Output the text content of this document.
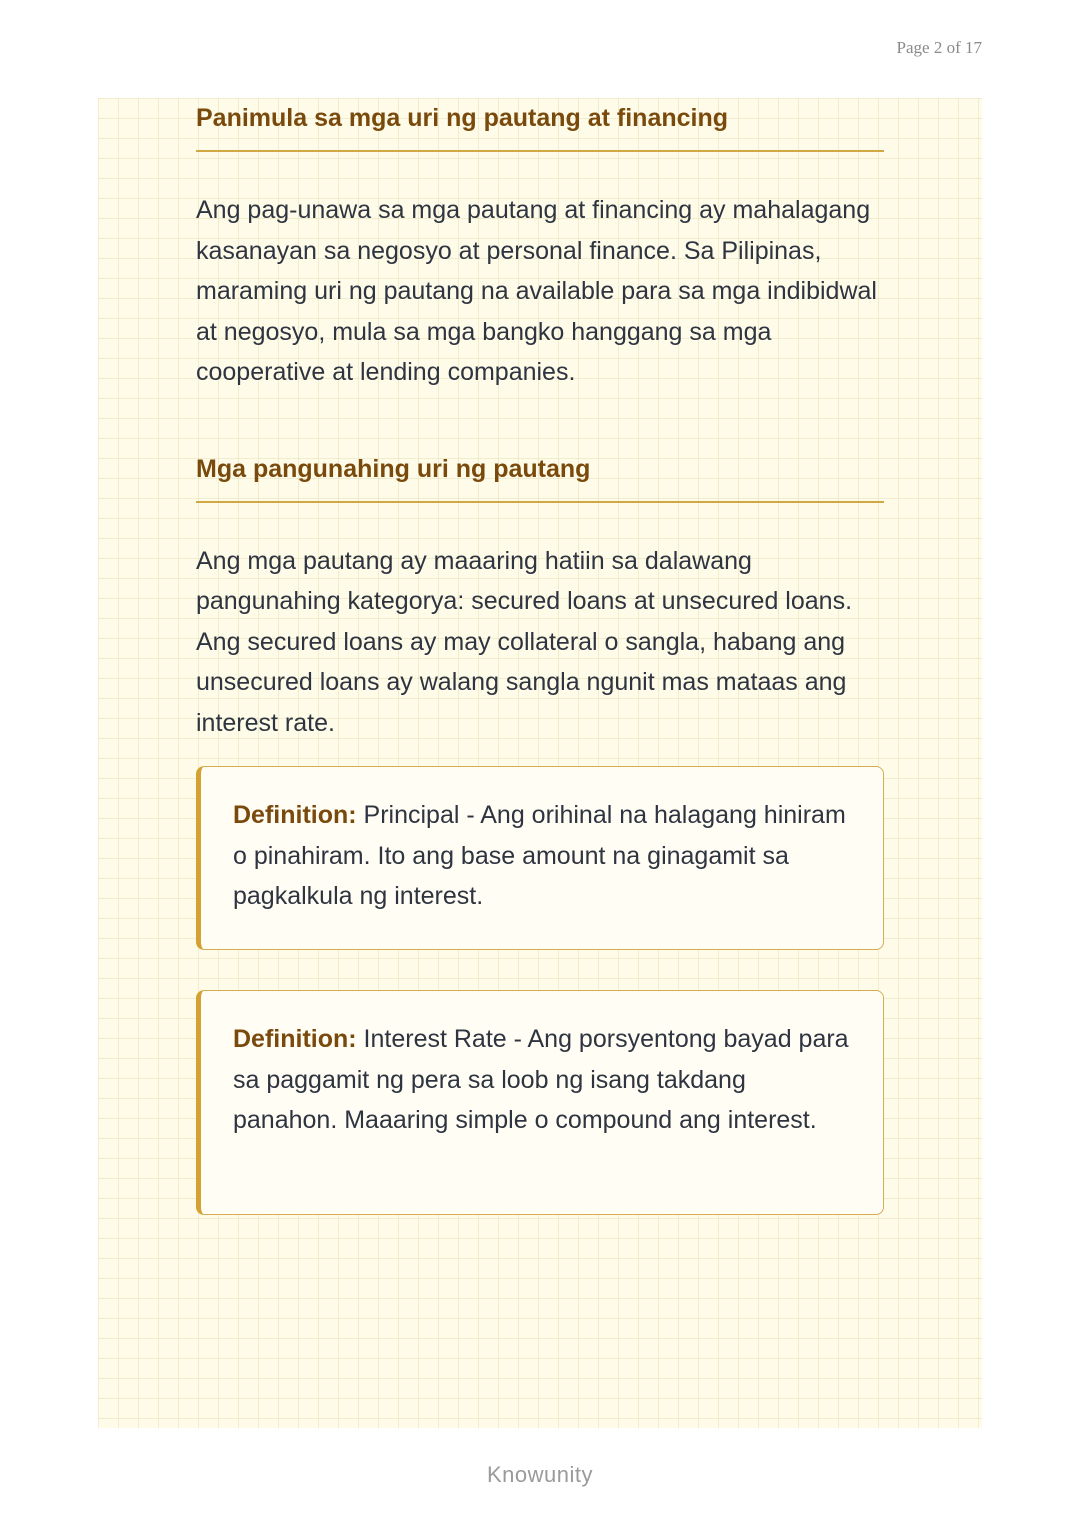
Page 2 of 17
Panimula sa mga uri ng pautang at financing

Ang pag-unawa sa mga pautang at financing ay mahalagang kasanayan sa negosyo at personal finance. Sa Pilipinas, maraming uri ng pautang na available para sa mga indibidwal at negosyo, mula sa mga bangko hanggang sa mga cooperative at lending companies.

Mga pangunahing uri ng pautang

Ang mga pautang ay maaaring hatiin sa dalawang pangunahing kategorya: secured loans at unsecured loans. Ang secured loans ay may collateral o sangla, habang ang unsecured loans ay walang sangla ngunit mas mataas ang interest rate.

Definition: Principal - Ang orihinal na halagang hiniram o pinahiram. Ito ang base amount na ginagamit sa pagkalkula ng interest.

Definition: Interest Rate - Ang porsyentong bayad para sa paggamit ng pera sa loob ng isang takdang panahon. Maaaring simple o compound ang interest.

Knowunity
